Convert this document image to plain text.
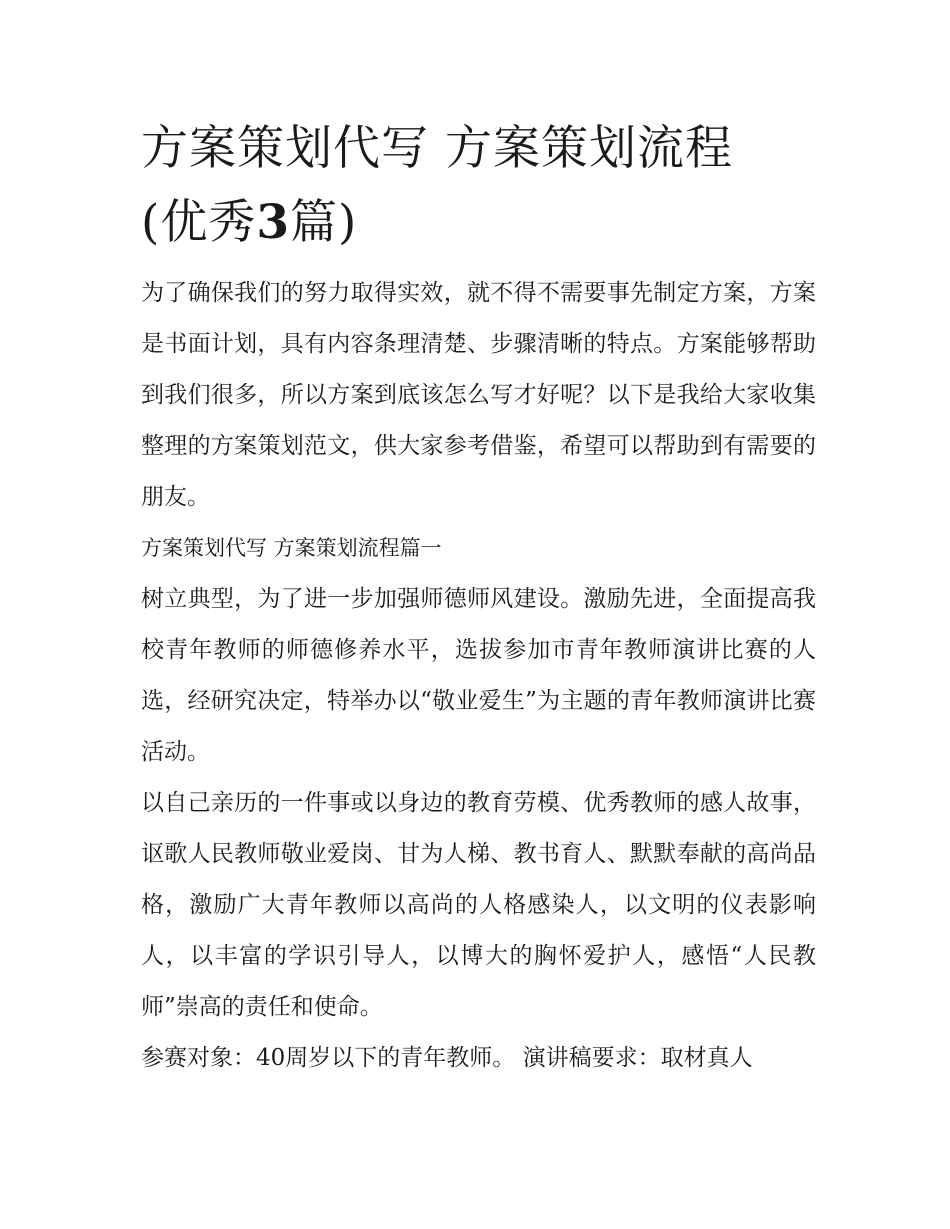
方案策划代写 方案策划流程
(优秀3篇)

为了确保我们的努力取得实效，就不得不需要事先制定方案，方案是书面计划，具有内容条理清楚、步骤清晰的特点。方案能够帮助到我们很多，所以方案到底该怎么写才好呢？以下是我给大家收集整理的方案策划范文，供大家参考借鉴，希望可以帮助到有需要的朋友。

方案策划代写 方案策划流程篇一

树立典型，为了进一步加强师德师风建设。激励先进，全面提高我校青年教师的师德修养水平，选拔参加市青年教师演讲比赛的人选，经研究决定，特举办以“敬业爱生”为主题的青年教师演讲比赛活动。

以自己亲历的一件事或以身边的教育劳模、优秀教师的感人故事，讴歌人民教师敬业爱岗、甘为人梯、教书育人、默默奉献的高尚品格，激励广大青年教师以高尚的人格感染人，以文明的仪表影响人，以丰富的学识引导人，以博大的胸怀爱护人，感悟“人民教师”崇高的责任和使命。

参赛对象：40周岁以下的青年教师。 演讲稿要求：取材真人
